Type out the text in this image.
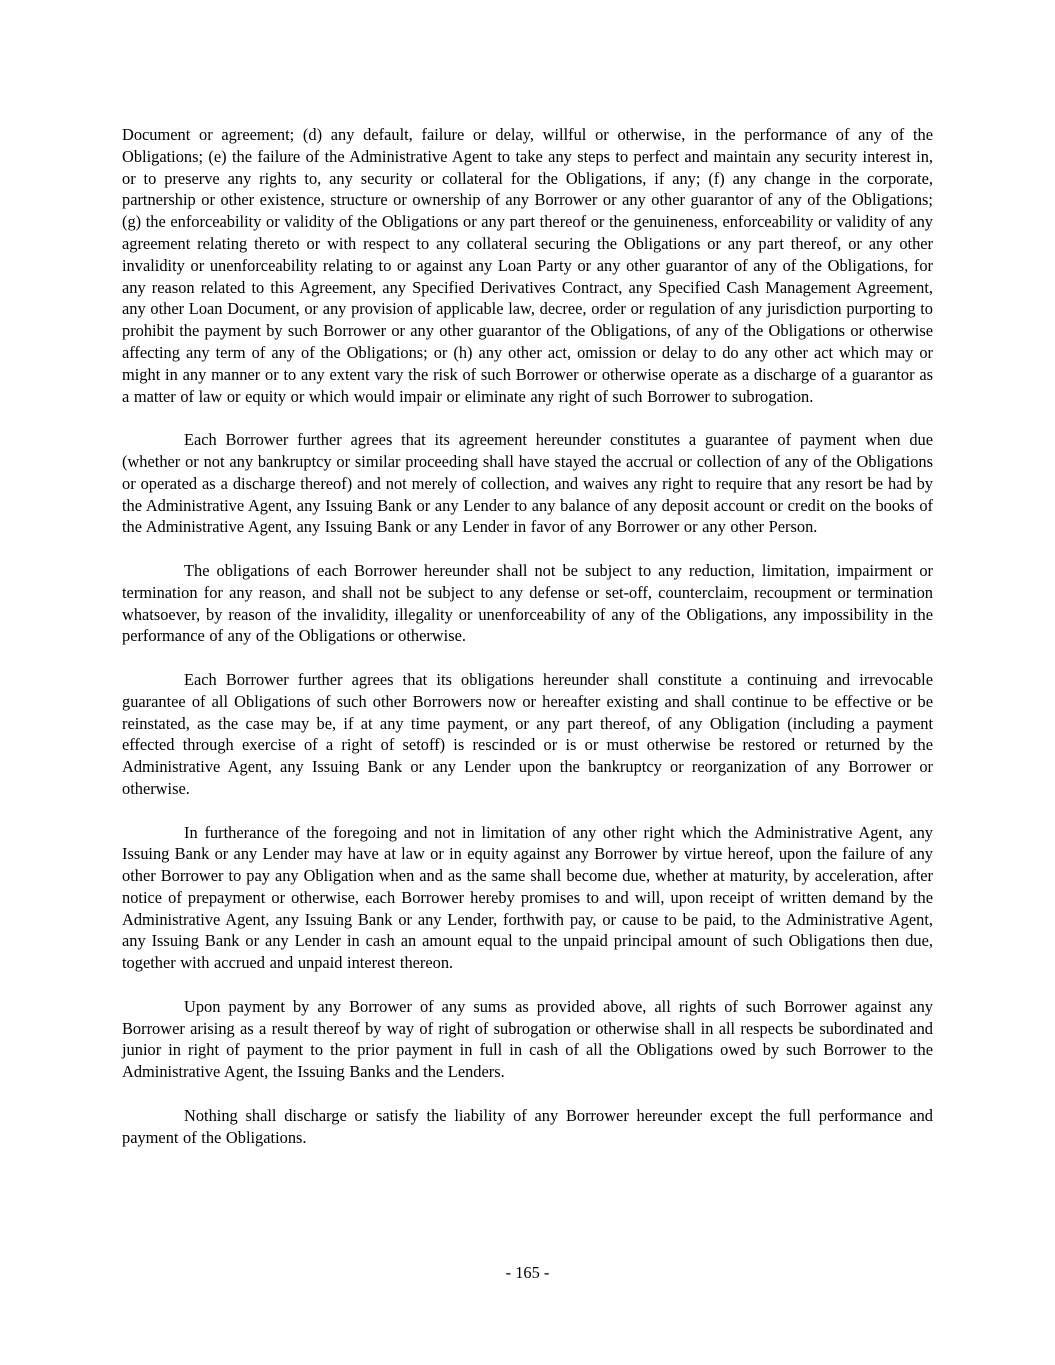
Document or agreement; (d) any default, failure or delay, willful or otherwise, in the performance of any of the Obligations; (e) the failure of the Administrative Agent to take any steps to perfect and maintain any security interest in, or to preserve any rights to, any security or collateral for the Obligations, if any; (f) any change in the corporate, partnership or other existence, structure or ownership of any Borrower or any other guarantor of any of the Obligations; (g) the enforceability or validity of the Obligations or any part thereof or the genuineness, enforceability or validity of any agreement relating thereto or with respect to any collateral securing the Obligations or any part thereof, or any other invalidity or unenforceability relating to or against any Loan Party or any other guarantor of any of the Obligations, for any reason related to this Agreement, any Specified Derivatives Contract, any Specified Cash Management Agreement, any other Loan Document, or any provision of applicable law, decree, order or regulation of any jurisdiction purporting to prohibit the payment by such Borrower or any other guarantor of the Obligations, of any of the Obligations or otherwise affecting any term of any of the Obligations; or (h) any other act, omission or delay to do any other act which may or might in any manner or to any extent vary the risk of such Borrower or otherwise operate as a discharge of a guarantor as a matter of law or equity or which would impair or eliminate any right of such Borrower to subrogation.

Each Borrower further agrees that its agreement hereunder constitutes a guarantee of payment when due (whether or not any bankruptcy or similar proceeding shall have stayed the accrual or collection of any of the Obligations or operated as a discharge thereof) and not merely of collection, and waives any right to require that any resort be had by the Administrative Agent, any Issuing Bank or any Lender to any balance of any deposit account or credit on the books of the Administrative Agent, any Issuing Bank or any Lender in favor of any Borrower or any other Person.

The obligations of each Borrower hereunder shall not be subject to any reduction, limitation, impairment or termination for any reason, and shall not be subject to any defense or set-off, counterclaim, recoupment or termination whatsoever, by reason of the invalidity, illegality or unenforceability of any of the Obligations, any impossibility in the performance of any of the Obligations or otherwise.

Each Borrower further agrees that its obligations hereunder shall constitute a continuing and irrevocable guarantee of all Obligations of such other Borrowers now or hereafter existing and shall continue to be effective or be reinstated, as the case may be, if at any time payment, or any part thereof, of any Obligation (including a payment effected through exercise of a right of setoff) is rescinded or is or must otherwise be restored or returned by the Administrative Agent, any Issuing Bank or any Lender upon the bankruptcy or reorganization of any Borrower or otherwise.

In furtherance of the foregoing and not in limitation of any other right which the Administrative Agent, any Issuing Bank or any Lender may have at law or in equity against any Borrower by virtue hereof, upon the failure of any other Borrower to pay any Obligation when and as the same shall become due, whether at maturity, by acceleration, after notice of prepayment or otherwise, each Borrower hereby promises to and will, upon receipt of written demand by the Administrative Agent, any Issuing Bank or any Lender, forthwith pay, or cause to be paid, to the Administrative Agent, any Issuing Bank or any Lender in cash an amount equal to the unpaid principal amount of such Obligations then due, together with accrued and unpaid interest thereon.

Upon payment by any Borrower of any sums as provided above, all rights of such Borrower against any Borrower arising as a result thereof by way of right of subrogation or otherwise shall in all respects be subordinated and junior in right of payment to the prior payment in full in cash of all the Obligations owed by such Borrower to the Administrative Agent, the Issuing Banks and the Lenders.

Nothing shall discharge or satisfy the liability of any Borrower hereunder except the full performance and payment of the Obligations.

- 165 -
